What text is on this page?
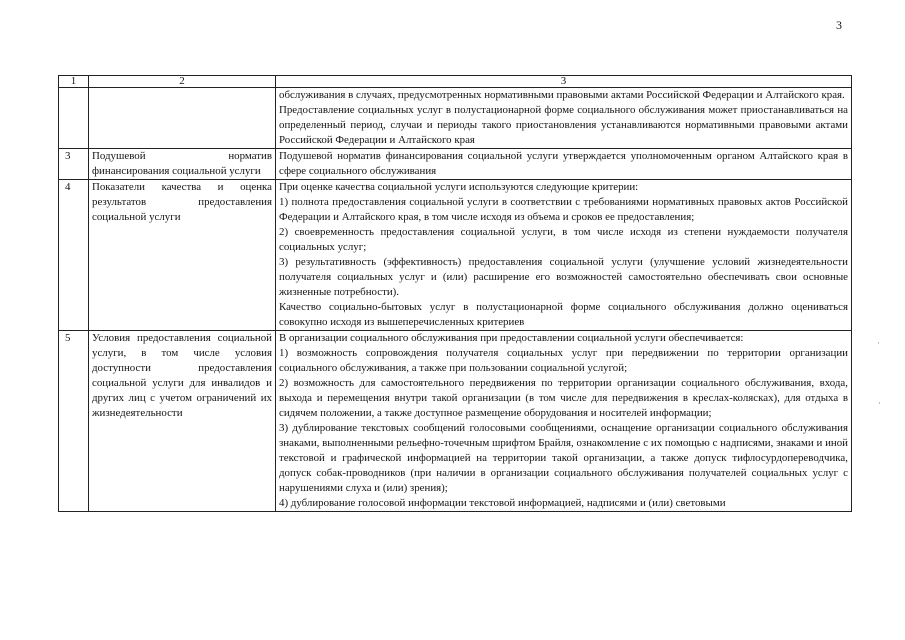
3
1	2	3

		обслуживания в случаях, предусмотренных нормативными правовыми актами Российской Федерации и Алтайского края.

Предоставление социальных услуг в полустационарной форме социального обслуживания может приостанавливаться на определенный период, случаи и периоды такого приостановления устанавливаются нормативными правовыми актами Российской Федерации и Алтайского края

3	Подушевой норматив финансирования социальной услуги	Подушевой норматив финансирования социальной услуги утверждается уполномоченным органом Алтайского края в сфере социального обслуживания

4	Показатели качества и оценка результатов предоставления социальной услуги	При оценке качества социальной услуги используются следующие критерии:

1) полнота предоставления социальной услуги в соответствии с требованиями нормативных правовых актов Российской Федерации и Алтайского края, в том числе исходя из объема и сроков ее предоставления;

2) своевременность предоставления социальной услуги, в том числе исходя из степени нуждаемости получателя социальных услуг;

3) результативность (эффективность) предоставления социальной услуги (улучшение условий жизнедеятельности получателя социальных услуг и (или) расширение его возможностей самостоятельно обеспечивать свои основные жизненные потребности).

Качество социально-бытовых услуг в полустационарной форме социального обслуживания должно оцениваться совокупно исходя из вышеперечисленных критериев

5	Условия предоставления социальной услуги, в том числе условия доступности предоставления социальной услуги для инвалидов и других лиц с учетом ограничений их жизнедеятельности	В организации социального обслуживания при предоставлении социальной услуги обеспечивается:

1) возможность сопровождения получателя социальных услуг при передвижении по территории организации социального обслуживания, а также при пользовании социальной услугой;

2) возможность для самостоятельного передвижения по территории организации социального обслуживания, входа, выхода и перемещения внутри такой организации (в том числе для передвижения в креслах-колясках), для отдыха в сидячем положении, а также доступное размещение оборудования и носителей информации;

3) дублирование текстовых сообщений голосовыми сообщениями, оснащение организации социального обслуживания знаками, выполненными рельефно-точечным шрифтом Брайля, ознакомление с их помощью с надписями, знаками и иной текстовой и графической информацией на территории такой организации, а также допуск тифлосурдопереводчика, допуск собак-проводников (при наличии в организации социального обслуживания получателей социальных услуг с нарушениями слуха и (или) зрения);

4) дублирование голосовой информации текстовой информацией, надписями и (или) световыми

·
·
